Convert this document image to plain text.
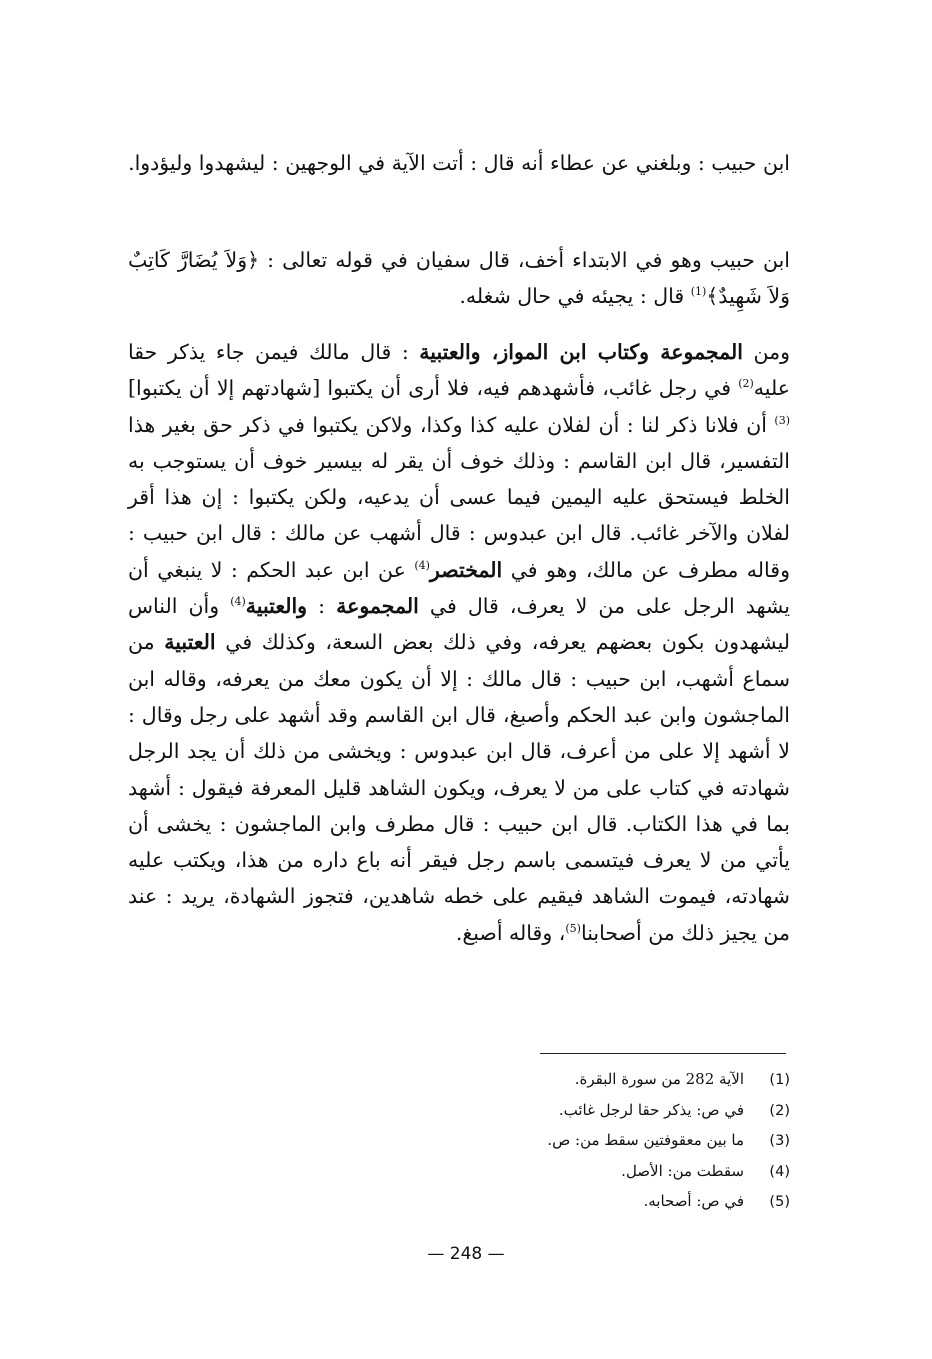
ابن حبيب : وبلغني عن عطاء أنه قال : أتت الآية في الوجهين : ليشهدوا وليؤدوا.

ابن حبيب وهو في الابتداء أخف، قال سفيان في قوله تعالى : ﴿وَلاَ يُضَارَّ كَاتِبٌ وَلاَ شَهِيدٌ﴾$^{(1)}$ قال : يجيئه في حال شغله.

ومن المجموعة وكتاب ابن المواز، والعتبية : قال مالك فيمن جاء يذكر حقا عليه$^{(2)}$ في رجل غائب، فأشهدهم فيه، فلا أرى أن يكتبوا [شهادتهم إلا أن يكتبوا]$^{(3)}$ أن فلانا ذكر لنا : أن لفلان عليه كذا وكذا، ولاكن يكتبوا في ذكر حق بغير هذا التفسير، قال ابن القاسم : وذلك خوف أن يقر له بيسير خوف أن يستوجب به الخلط فيستحق عليه اليمين فيما عسى أن يدعيه، ولكن يكتبوا : إن هذا أقر لفلان والآخر غائب. قال ابن عبدوس : قال أشهب عن مالك : قال ابن حبيب : وقاله مطرف عن مالك، وهو في المختصر$^{(4)}$ عن ابن عبد الحكم : لا ينبغي أن يشهد الرجل على من لا يعرف، قال في المجموعة : والعتبية$^{(4)}$ وأن الناس ليشهدون بكون بعضهم يعرفه، وفي ذلك بعض السعة، وكذلك في العتبية من سماع أشهب، ابن حبيب : قال مالك : إلا أن يكون معك من يعرفه، وقاله ابن الماجشون وابن عبد الحكم وأصبغ، قال ابن القاسم وقد أشهد على رجل وقال : لا أشهد إلا على من أعرف، قال ابن عبدوس : ويخشى من ذلك أن يجد الرجل شهادته في كتاب على من لا يعرف، ويكون الشاهد قليل المعرفة فيقول : أشهد بما في هذا الكتاب. قال ابن حبيب : قال مطرف وابن الماجشون : يخشى أن يأتي من لا يعرف فيتسمى باسم رجل فيقر أنه باع داره من هذا، ويكتب عليه شهادته، فيموت الشاهد فيقيم على خطه شاهدين، فتجوز الشهادة، يريد : عند من يجيز ذلك من أصحابنا$^{(5)}$، وقاله أصبغ.

(1)الآية 282 من سورة البقرة.
(2)في ص: يذكر حقا لرجل غائب.
(3)ما بين معقوفتين سقط من: ص.
(4)سقطت من: الأصل.
(5)في ص: أصحابه.
— 248 —
